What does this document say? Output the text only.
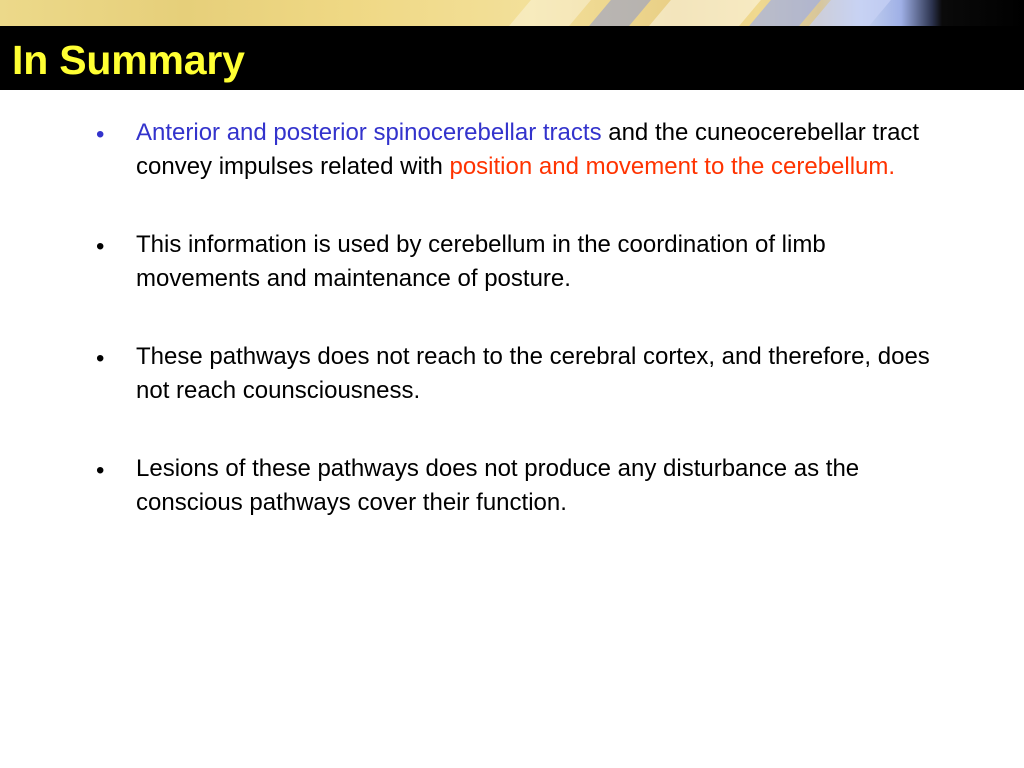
In Summary
• Anterior and posterior spinocerebellar tracts and the cuneocerebellar tract convey impulses related with position and movement to the cerebellum.
• This information is used by cerebellum in the coordination of limb movements and maintenance of posture.
• These pathways does not reach to the cerebral cortex, and therefore, does not reach counsciousness.
• Lesions of these pathways does not produce any disturbance as the conscious pathways cover their function.
